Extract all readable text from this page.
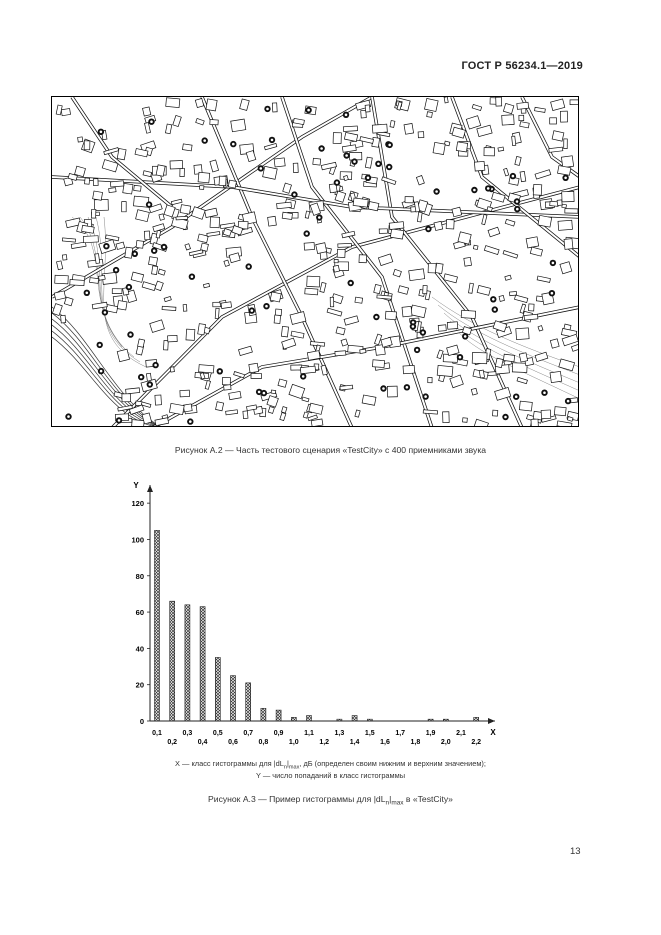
ГОСТ Р 56234.1—2019
Рисунок А.2 — Часть тестового сценария «TestCity» с 400 приемниками звука
Y
X
0
20
40
60
80
100
120
0,1
0,2
0,3
0,4
0,5
0,6
0,7
0,8
0,9
1,0
1,1
1,2
1,3
1,4
1,5
1,6
1,7
1,8
1,9
2,0
2,1
2,2
X — класс гистограммы для $|dL_n|_{max}$, дБ (определен своим нижним и верхним значением);
Y — число попаданий в класс гистограммы
Рисунок А.3 — Пример гистограммы для $|dL_n|_{max}$ в «TestCity»
13
